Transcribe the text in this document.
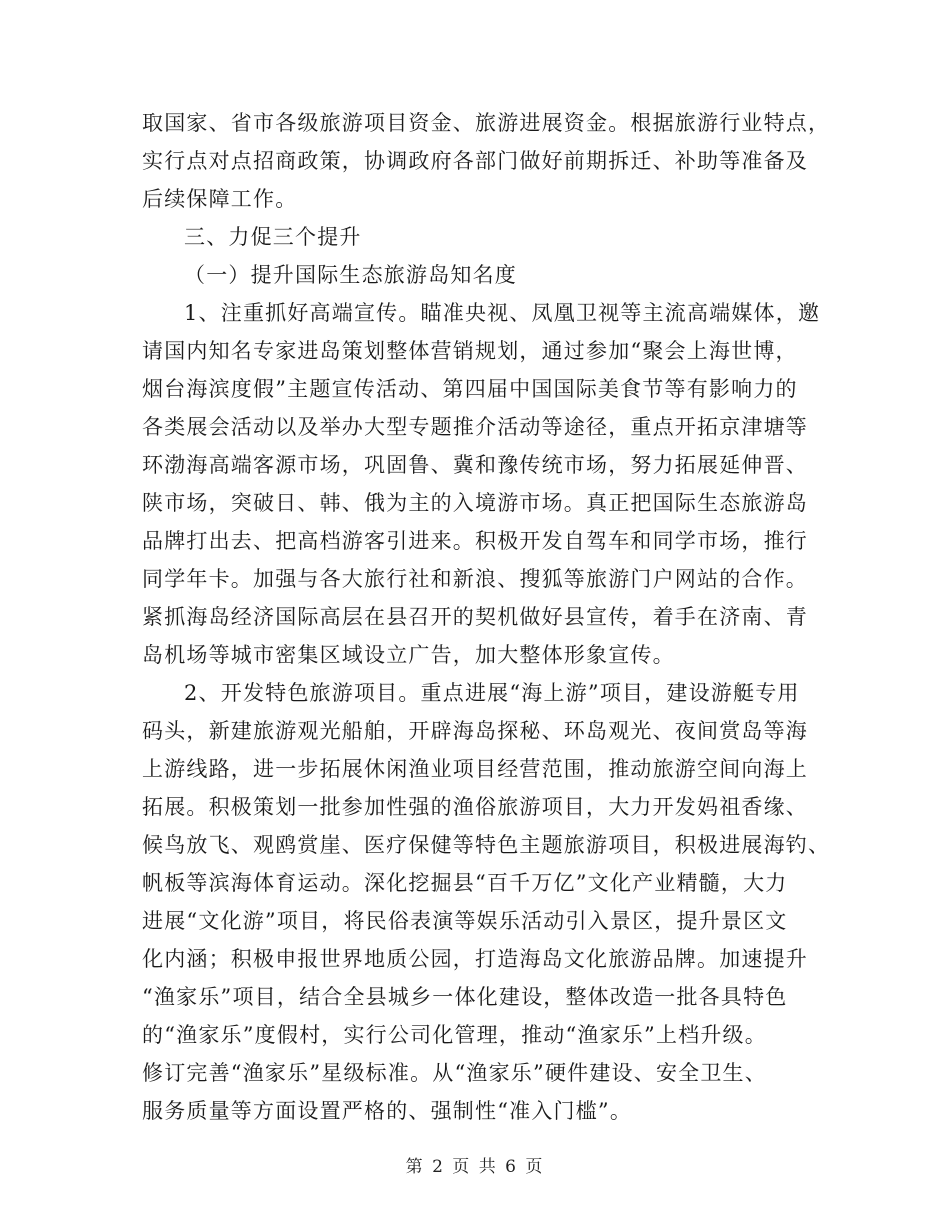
取国家、省市各级旅游项目资金、旅游进展资金。根据旅游行业特点，
实行点对点招商政策，协调政府各部门做好前期拆迁、补助等准备及
后续保障工作。
三、力促三个提升
（一）提升国际生态旅游岛知名度
1、注重抓好高端宣传。瞄准央视、凤凰卫视等主流高端媒体，邀
请国内知名专家进岛策划整体营销规划，通过参加“聚会上海世博，
烟台海滨度假”主题宣传活动、第四届中国国际美食节等有影响力的
各类展会活动以及举办大型专题推介活动等途径，重点开拓京津塘等
环渤海高端客源市场，巩固鲁、冀和豫传统市场，努力拓展延伸晋、
陕市场，突破日、韩、俄为主的入境游市场。真正把国际生态旅游岛
品牌打出去、把高档游客引进来。积极开发自驾车和同学市场，推行
同学年卡。加强与各大旅行社和新浪、搜狐等旅游门户网站的合作。
紧抓海岛经济国际高层在县召开的契机做好县宣传，着手在济南、青
岛机场等城市密集区域设立广告，加大整体形象宣传。
2、开发特色旅游项目。重点进展“海上游”项目，建设游艇专用
码头，新建旅游观光船舶，开辟海岛探秘、环岛观光、夜间赏岛等海
上游线路，进一步拓展休闲渔业项目经营范围，推动旅游空间向海上
拓展。积极策划一批参加性强的渔俗旅游项目，大力开发妈祖香缘、
候鸟放飞、观鸥赏崖、医疗保健等特色主题旅游项目，积极进展海钓、
帆板等滨海体育运动。深化挖掘县“百千万亿”文化产业精髓，大力
进展“文化游”项目，将民俗表演等娱乐活动引入景区，提升景区文
化内涵；积极申报世界地质公园，打造海岛文化旅游品牌。加速提升
“渔家乐”项目，结合全县城乡一体化建设，整体改造一批各具特色
的“渔家乐”度假村，实行公司化管理，推动“渔家乐”上档升级。
修订完善“渔家乐”星级标准。从“渔家乐”硬件建设、安全卫生、
服务质量等方面设置严格的、强制性“准入门槛”。
第 2 页 共 6 页
